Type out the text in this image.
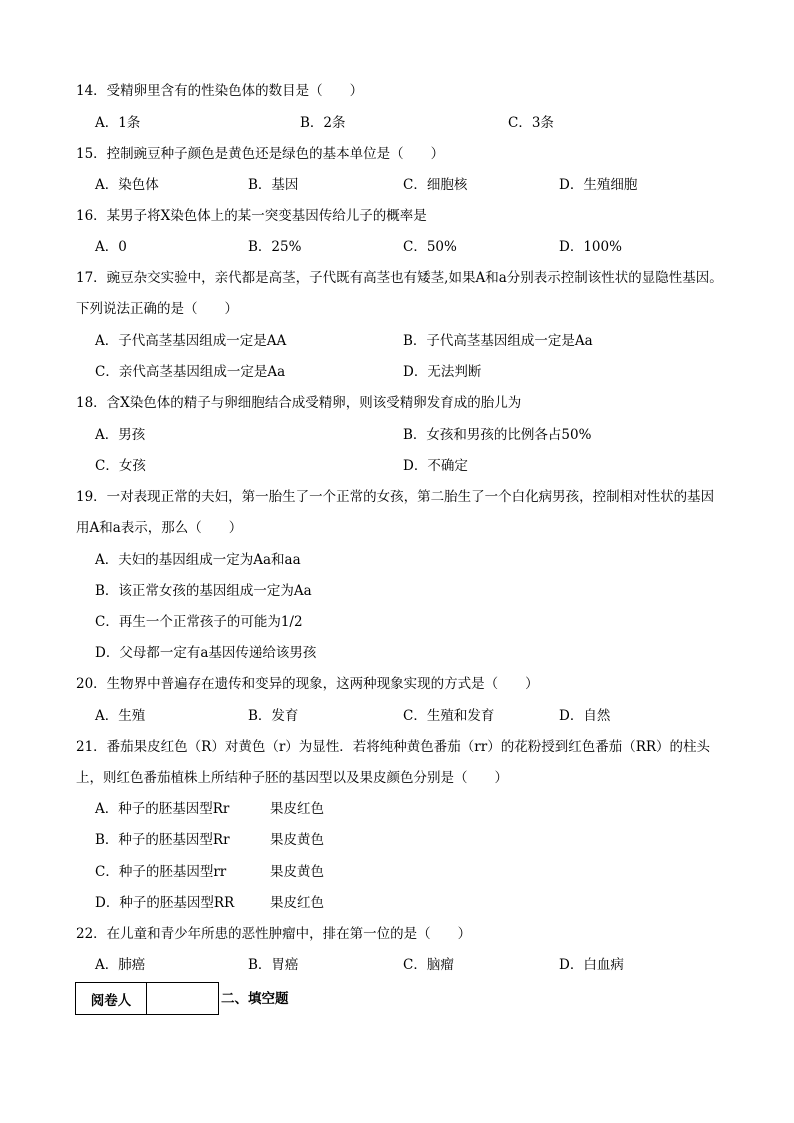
14．受精卵里含有的性染色体的数目是（　　）
A．1条	B．2条	C．3条
15．控制豌豆种子颜色是黄色还是绿色的基本单位是（　　）
A．染色体	B．基因	C．细胞核	D．生殖细胞
16．某男子将X染色体上的某一突变基因传给儿子的概率是
A．0	B．25%	C．50%	D．100%
17．豌豆杂交实验中，亲代都是高茎，子代既有高茎也有矮茎,如果A和a分别表示控制该性状的显隐性基因。下列说法正确的是（　　）
A．子代高茎基因组成一定是AA	B．子代高茎基因组成一定是Aa
C．亲代高茎基因组成一定是Aa	D．无法判断
18．含X染色体的精子与卵细胞结合成受精卵，则该受精卵发育成的胎儿为
A．男孩	B．女孩和男孩的比例各占50%
C．女孩	D．不确定
19．一对表现正常的夫妇，第一胎生了一个正常的女孩，第二胎生了一个白化病男孩，控制相对性状的基因用A和a表示，那么（　　）
A．夫妇的基因组成一定为Aa和aa
B．该正常女孩的基因组成一定为Aa
C．再生一个正常孩子的可能为1/2
D．父母都一定有a基因传递给该男孩
20．生物界中普遍存在遗传和变异的现象，这两种现象实现的方式是（　　）
A．生殖	B．发育	C．生殖和发育	D．自然
21．番茄果皮红色（R）对黄色（r）为显性．若将纯种黄色番茄（rr）的花粉授到红色番茄（RR）的柱头上，则红色番茄植株上所结种子胚的基因型以及果皮颜色分别是（　　）
A．种子的胚基因型Rr	果皮红色
B．种子的胚基因型Rr	果皮黄色
C．种子的胚基因型rr	果皮黄色
D．种子的胚基因型RR	果皮红色
22．在儿童和青少年所患的恶性肿瘤中，排在第一位的是（　　）
A．肺癌	B．胃癌	C．脑瘤	D．白血病
阅卷人	二、填空题
